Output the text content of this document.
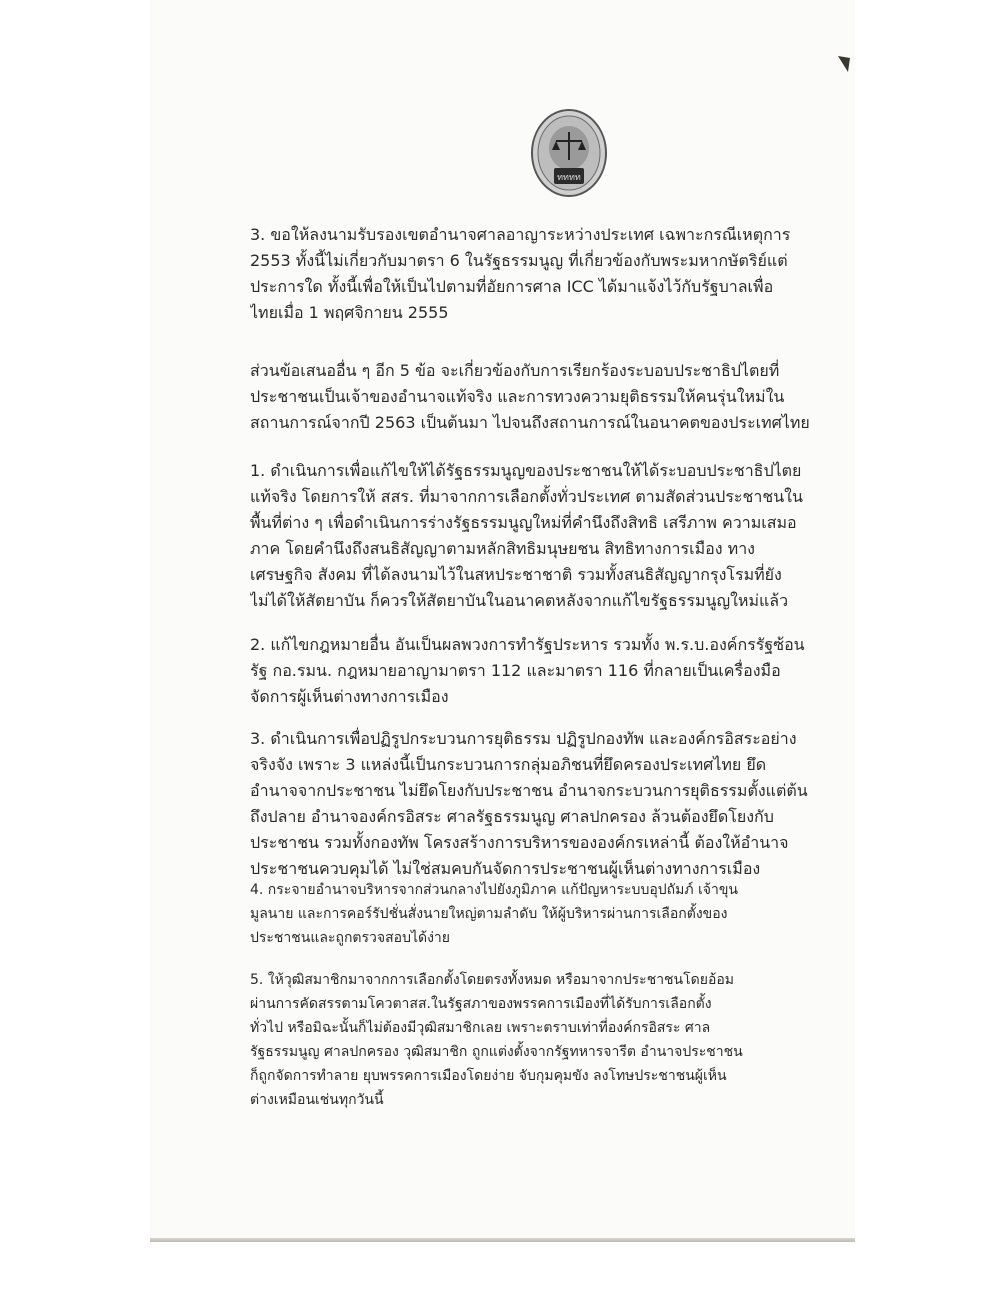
ทททท

3. ขอให้ลงนามรับรองเขตอำนาจศาลอาญาระหว่างประเทศ เฉพาะกรณีเหตุการ
2553 ทั้งนี้ไม่เกี่ยวกับมาตรา 6 ในรัฐธรรมนูญ ที่เกี่ยวข้องกับพระมหากษัตริย์แต่
ประการใด ทั้งนี้เพื่อให้เป็นไปตามที่อัยการศาล ICC ได้มาแจ้งไว้กับรัฐบาลเพื่อ
ไทยเมื่อ 1 พฤศจิกายน 2555

ส่วนข้อเสนออื่น ๆ อีก 5 ข้อ จะเกี่ยวข้องกับการเรียกร้องระบอบประชาธิปไตยที่
ประชาชนเป็นเจ้าของอำนาจแท้จริง และการทวงความยุติธรรมให้คนรุ่นใหม่ใน
สถานการณ์จากปี 2563 เป็นต้นมา ไปจนถึงสถานการณ์ในอนาคตของประเทศไทย

1. ดำเนินการเพื่อแก้ไขให้ได้รัฐธรรมนูญของประชาชนให้ได้ระบอบประชาธิปไตย
แท้จริง โดยการให้ สสร. ที่มาจากการเลือกตั้งทั่วประเทศ ตามสัดส่วนประชาชนใน
พื้นที่ต่าง ๆ เพื่อดำเนินการร่างรัฐธรรมนูญใหม่ที่คำนึงถึงสิทธิ เสรีภาพ ความเสมอ
ภาค โดยคำนึงถึงสนธิสัญญาตามหลักสิทธิมนุษยชน สิทธิทางการเมือง ทาง
เศรษฐกิจ สังคม ที่ได้ลงนามไว้ในสหประชาชาติ รวมทั้งสนธิสัญญากรุงโรมที่ยัง
ไม่ได้ให้สัตยาบัน ก็ควรให้สัตยาบันในอนาคตหลังจากแก้ไขรัฐธรรมนูญใหม่แล้ว

2. แก้ไขกฎหมายอื่น อันเป็นผลพวงการทำรัฐประหาร รวมทั้ง พ.ร.บ.องค์กรรัฐซ้อน
รัฐ กอ.รมน. กฎหมายอาญามาตรา 112 และมาตรา 116 ที่กลายเป็นเครื่องมือ
จัดการผู้เห็นต่างทางการเมือง

3. ดำเนินการเพื่อปฏิรูปกระบวนการยุติธรรม ปฏิรูปกองทัพ และองค์กรอิสระอย่าง
จริงจัง เพราะ 3 แหล่งนี้เป็นกระบวนการกลุ่มอภิชนที่ยึดครองประเทศไทย ยึด
อำนาจจากประชาชน ไม่ยึดโยงกับประชาชน อำนาจกระบวนการยุติธรรมตั้งแต่ต้น
ถึงปลาย อำนาจองค์กรอิสระ ศาลรัฐธรรมนูญ ศาลปกครอง ล้วนต้องยึดโยงกับ
ประชาชน รวมทั้งกองทัพ โครงสร้างการบริหารขององค์กรเหล่านี้ ต้องให้อำนาจ
ประชาชนควบคุมได้ ไม่ใช่สมคบกันจัดการประชาชนผู้เห็นต่างทางการเมือง

4. กระจายอำนาจบริหารจากส่วนกลางไปยังภูมิภาค แก้ปัญหาระบบอุปถัมภ์ เจ้าขุน
มูลนาย และการคอร์รัปชั่นสั่งนายใหญ่ตามลำดับ ให้ผู้บริหารผ่านการเลือกตั้งของ
ประชาชนและถูกตรวจสอบได้ง่าย

5. ให้วุฒิสมาชิกมาจากการเลือกตั้งโดยตรงทั้งหมด หรือมาจากประชาชนโดยอ้อม
ผ่านการคัดสรรตามโควตาสส.ในรัฐสภาของพรรคการเมืองที่ได้รับการเลือกตั้ง
ทั่วไป หรือมิฉะนั้นก็ไม่ต้องมีวุฒิสมาชิกเลย เพราะตราบเท่าที่องค์กรอิสระ ศาล
รัฐธรรมนูญ ศาลปกครอง วุฒิสมาชิก ถูกแต่งตั้งจากรัฐทหารจารีต อำนาจประชาชน
ก็ถูกจัดการทำลาย ยุบพรรคการเมืองโดยง่าย จับกุมคุมขัง ลงโทษประชาชนผู้เห็น
ต่างเหมือนเช่นทุกวันนี้
